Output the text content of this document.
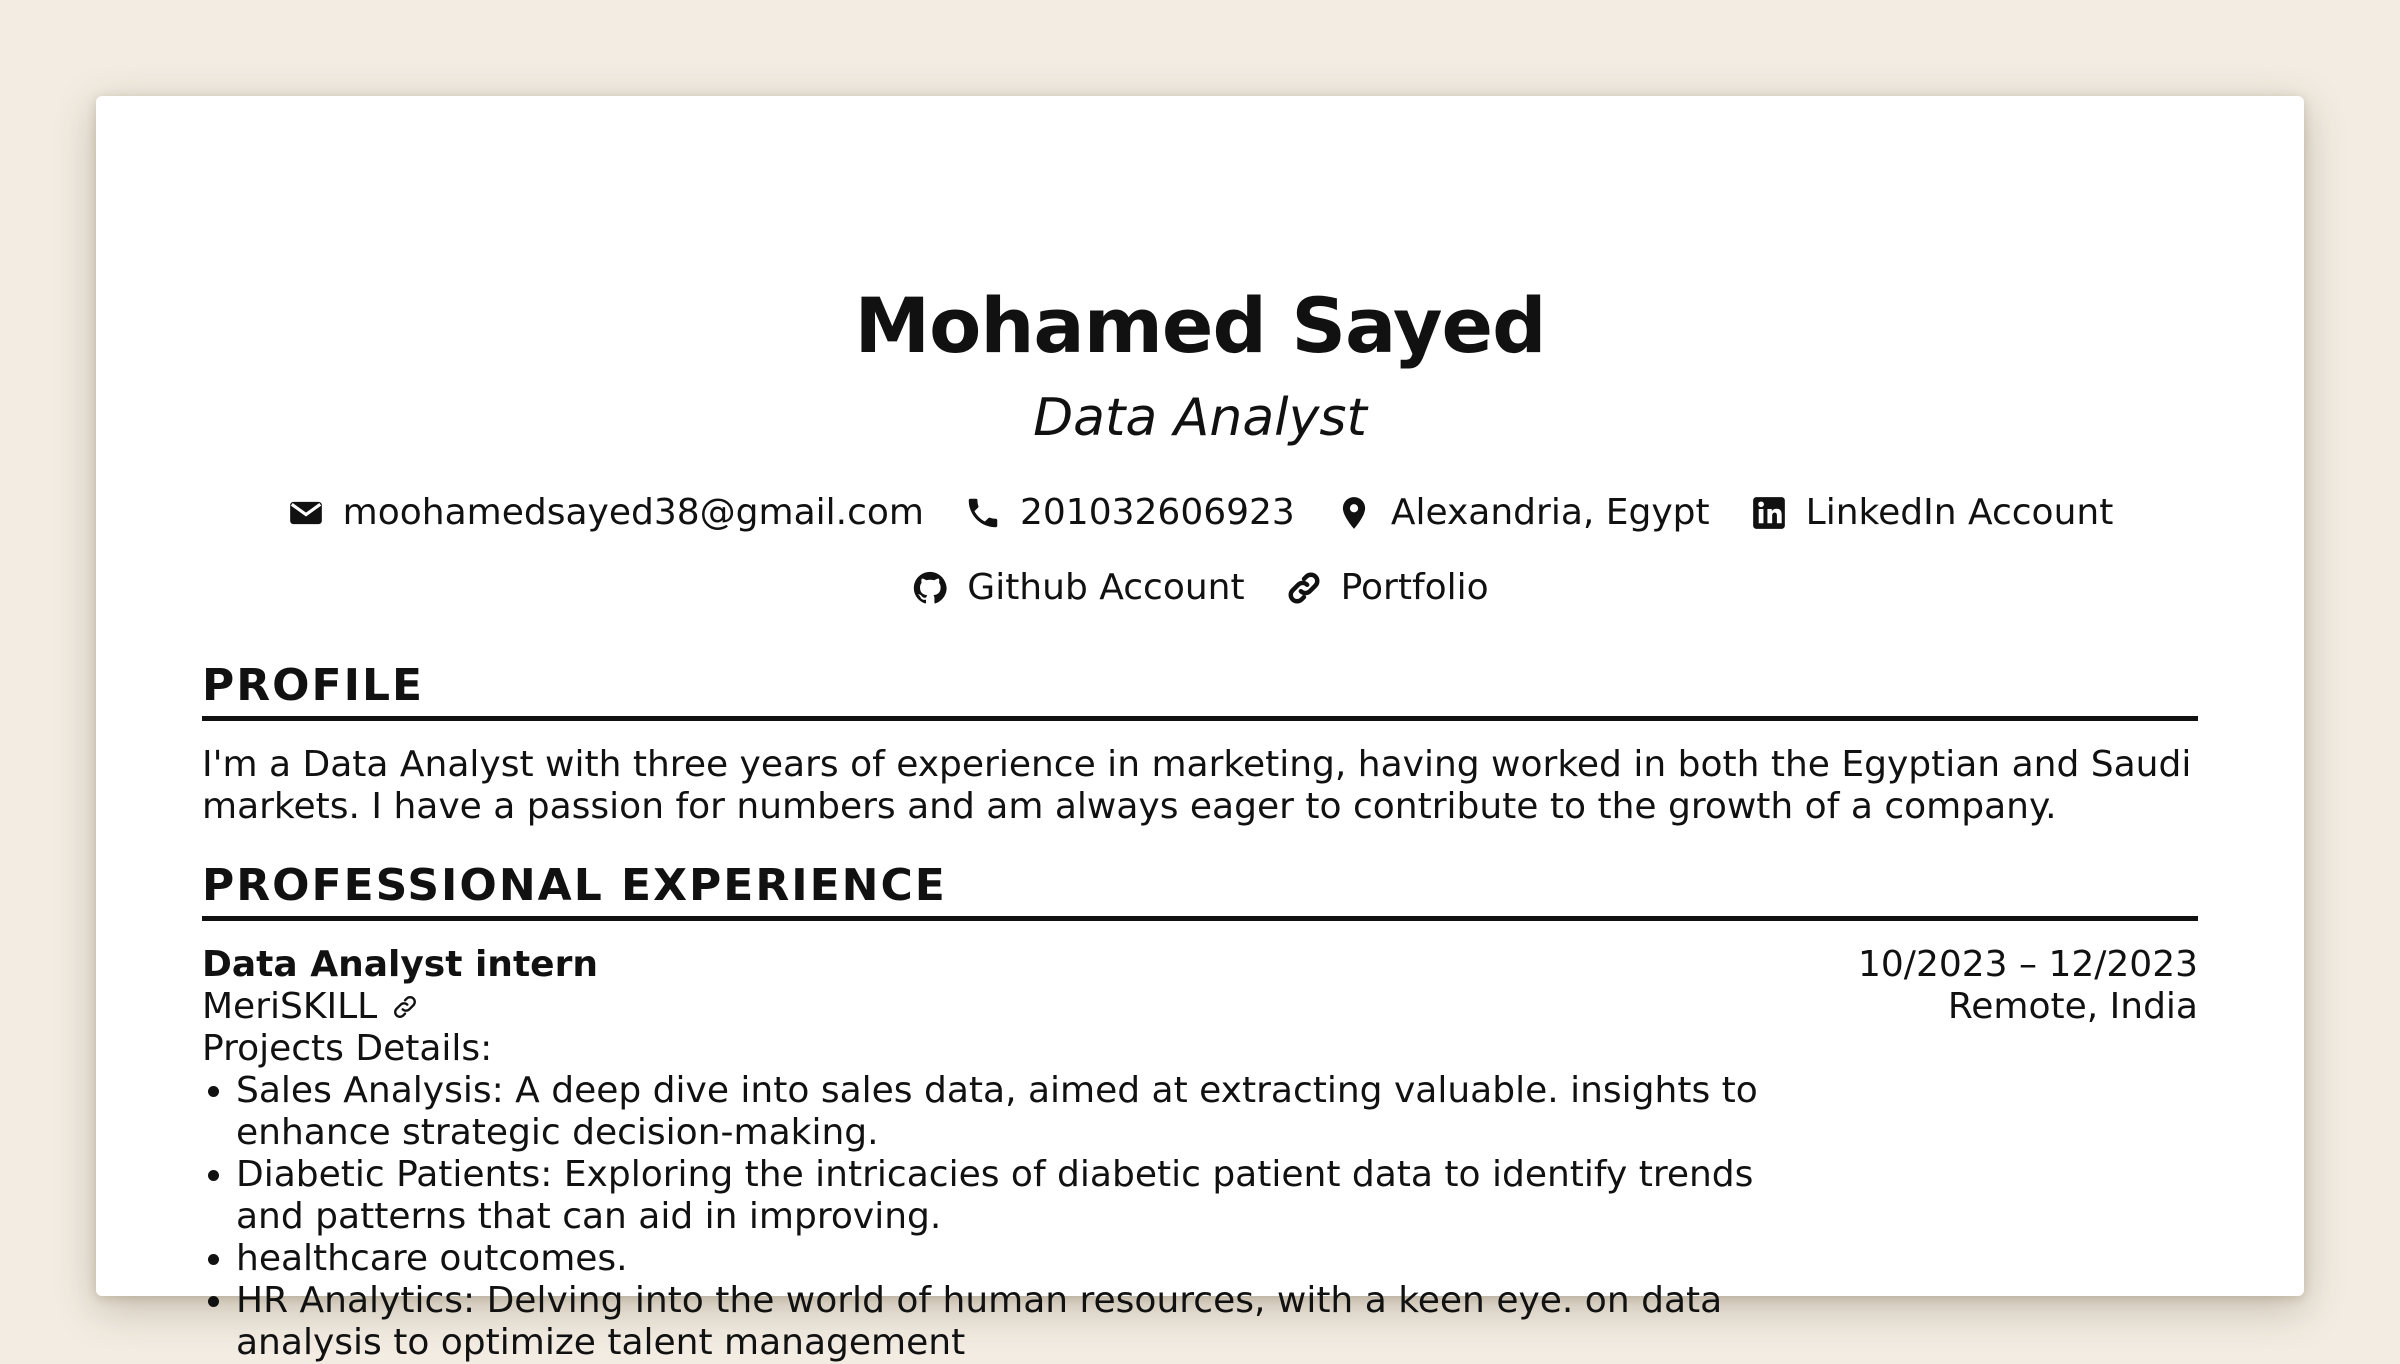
Mohamed Sayed
Data Analyst
moohamedsayed38@gmail.com	201032606923	Alexandria, Egypt	LinkedIn Account
Github Account	Portfolio
PROFILE
I'm a Data Analyst with three years of experience in marketing, having worked in both the Egyptian and Saudi markets. I have a passion for numbers and am always eager to contribute to the growth of a company.
PROFESSIONAL EXPERIENCE
10/2023 – 12/2023
Remote, India
Data Analyst intern
MeriSKILL
Projects Details:
• Sales Analysis: A deep dive into sales data, aimed at extracting valuable. insights to enhance strategic decision-making.
• Diabetic Patients: Exploring the intricacies of diabetic patient data to identify trends and patterns that can aid in improving.
• healthcare outcomes.
• HR Analytics: Delving into the world of human resources, with a keen eye. on data analysis to optimize talent management
